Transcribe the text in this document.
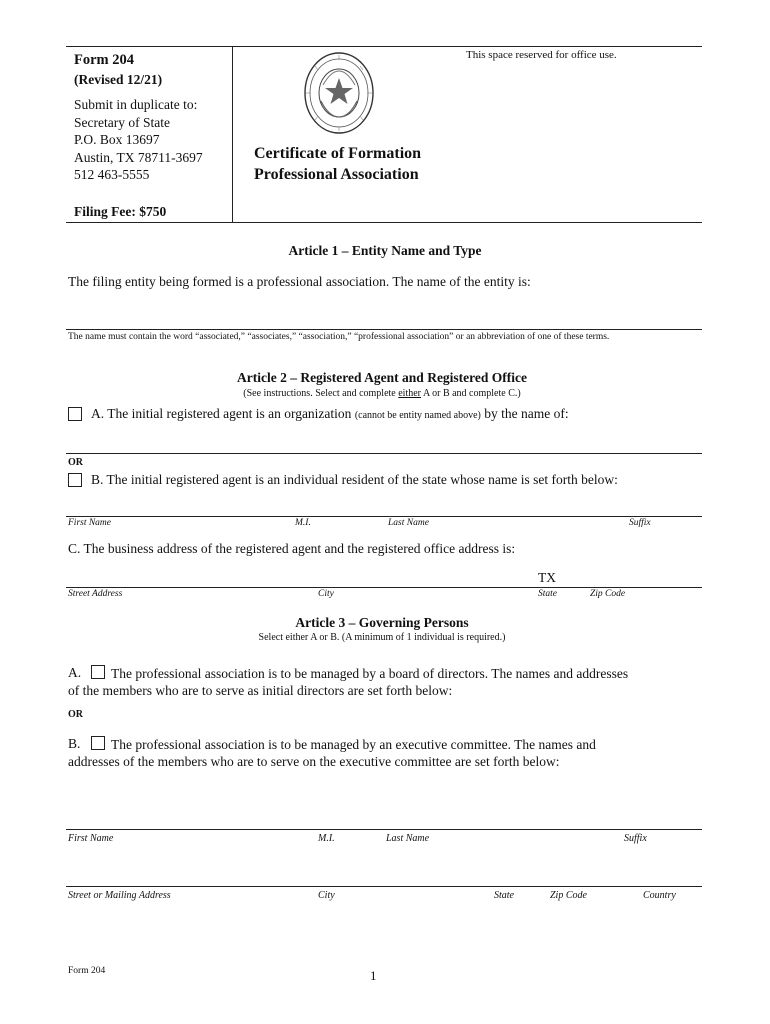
Form 204
(Revised 12/21)
Submit in duplicate to:
Secretary of State
P.O. Box 13697
Austin, TX 78711-3697
512 463-5555
Filing Fee: $750
This space reserved for office use.
Certificate of Formation
Professional Association
Article 1 – Entity Name and Type
The filing entity being formed is a professional association. The name of the entity is:
The name must contain the word “associated,” “associates,” “association,” “professional association” or an abbreviation of one of these terms.
Article 2 – Registered Agent and Registered Office
(See instructions. Select and complete either A or B and complete C.)
A. The initial registered agent is an organization (cannot be entity named above) by the name of:
OR
B. The initial registered agent is an individual resident of the state whose name is set forth below:
First Name	M.I.	Last Name	Suffix
C. The business address of the registered agent and the registered office address is:
TX
Street Address	City	State	Zip Code
Article 3 – Governing Persons
Select either A or B. (A minimum of 1 individual is required.)
A.	The professional association is to be managed by a board of directors. The names and addresses
of the members who are to serve as initial directors are set forth below:
OR
B.	The professional association is to be managed by an executive committee. The names and
addresses of the members who are to serve on the executive committee are set forth below:
First Name	M.I.	Last Name	Suffix
Street or Mailing Address	City	State	Zip Code	Country
Form 204	1
